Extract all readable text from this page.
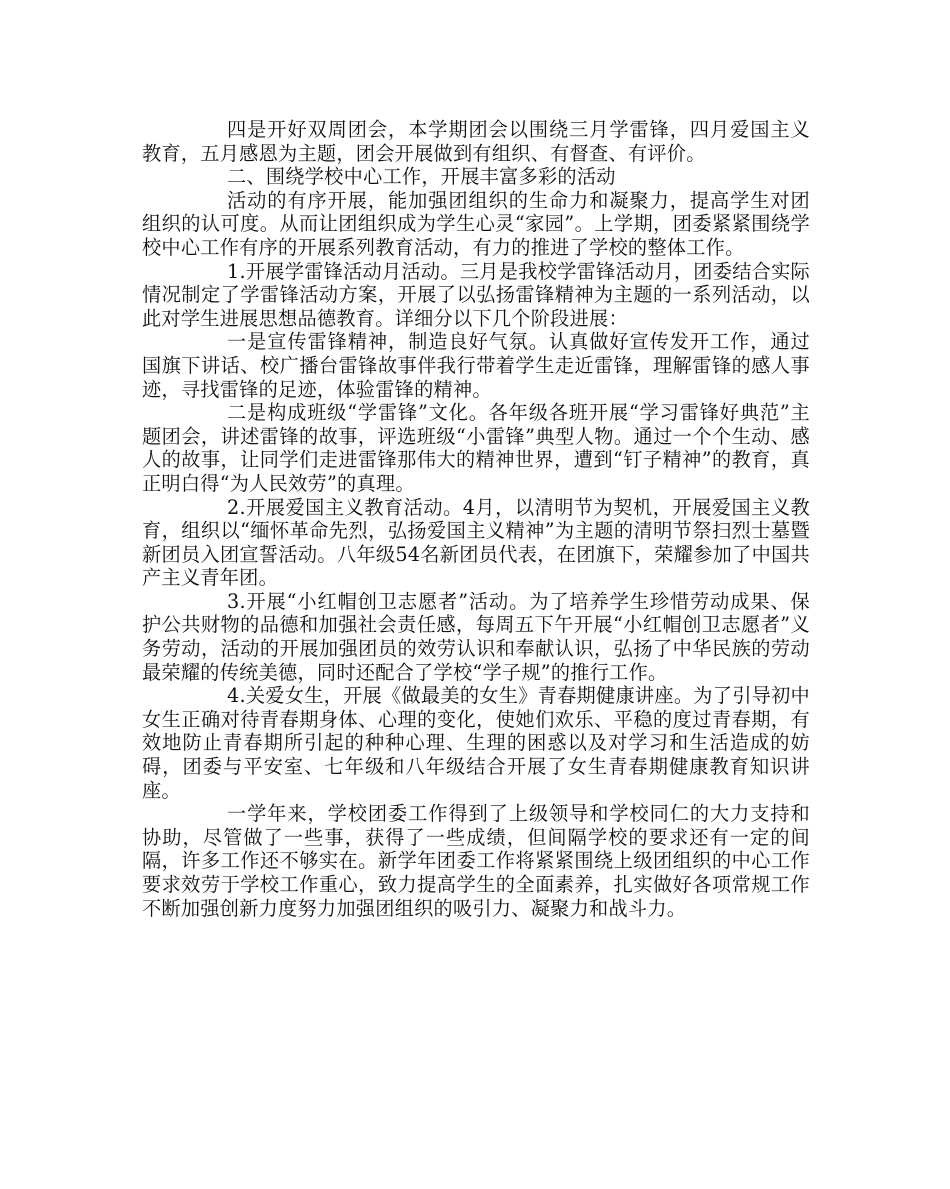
四是开好双周团会，本学期团会以围绕三月学雷锋，四月爱国主义教育，五月感恩为主题，团会开展做到有组织、有督查、有评价。

二、围绕学校中心工作，开展丰富多彩的活动

活动的有序开展，能加强团组织的生命力和凝聚力，提高学生对团组织的认可度。从而让团组织成为学生心灵“家园”。上学期，团委紧紧围绕学校中心工作有序的开展系列教育活动，有力的推进了学校的整体工作。

1.开展学雷锋活动月活动。三月是我校学雷锋活动月，团委结合实际情况制定了学雷锋活动方案，开展了以弘扬雷锋精神为主题的一系列活动，以此对学生进展思想品德教育。详细分以下几个阶段进展：

一是宣传雷锋精神，制造良好气氛。认真做好宣传发开工作，通过国旗下讲话、校广播台雷锋故事伴我行带着学生走近雷锋，理解雷锋的感人事迹，寻找雷锋的足迹，体验雷锋的精神。

二是构成班级“学雷锋”文化。各年级各班开展“学习雷锋好典范”主题团会，讲述雷锋的故事，评选班级“小雷锋”典型人物。通过一个个生动、感人的故事，让同学们走进雷锋那伟大的精神世界，遭到“钉子精神”的教育，真正明白得“为人民效劳”的真理。

2.开展爱国主义教育活动。4月，以清明节为契机，开展爱国主义教育，组织以“缅怀革命先烈，弘扬爱国主义精神”为主题的清明节祭扫烈士墓暨新团员入团宣誓活动。八年级54名新团员代表，在团旗下，荣耀参加了中国共产主义青年团。

3.开展“小红帽创卫志愿者”活动。为了培养学生珍惜劳动成果、保护公共财物的品德和加强社会责任感，每周五下午开展“小红帽创卫志愿者”义务劳动，活动的开展加强团员的效劳认识和奉献认识，弘扬了中华民族的劳动最荣耀的传统美德，同时还配合了学校“学子规”的推行工作。

4.关爱女生，开展《做最美的女生》青春期健康讲座。为了引导初中女生正确对待青春期身体、心理的变化，使她们欢乐、平稳的度过青春期，有效地防止青春期所引起的种种心理、生理的困惑以及对学习和生活造成的妨碍，团委与平安室、七年级和八年级结合开展了女生青春期健康教育知识讲座。

一学年来，学校团委工作得到了上级领导和学校同仁的大力支持和协助，尽管做了一些事，获得了一些成绩，但间隔学校的要求还有一定的间隔，许多工作还不够实在。新学年团委工作将紧紧围绕上级团组织的中心工作要求效劳于学校工作重心，致力提高学生的全面素养，扎实做好各项常规工作不断加强创新力度努力加强团组织的吸引力、凝聚力和战斗力。
